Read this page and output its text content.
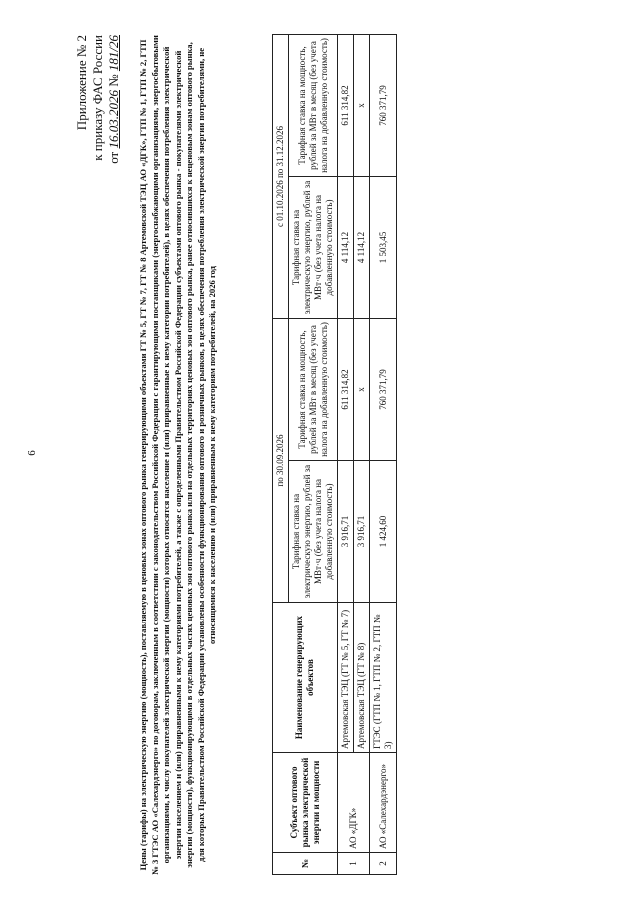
6
Приложение № 2 к приказу ФАС России от 16.03.2026 № 181/26 Цены (тарифы) на электрическую энергию (мощность), поставляемую в ценовых зонах оптового рынка генерирующими объектами ГТ № 5, ГТ № 7, ГТ № 8 Артемовской ТЭЦ АО «ДГК», ГТП № 1, ГТП № 2, ГТП № 3 ГТЭС АО «Салехардэнерго» по договорам, заключенным в соответствии с законодательством Российской Федерации с гарантирующими поставщиками (энергоснабжающими организациями, энергосбытовыми организациями, к числу покупателей электрической энергии (мощности) которых относятся население и (или) приравненные к нему категории потребителей), в целях обеспечения потребления электрической энергии населением и (или) приравненными к нему категориями потребителей, а также с определенными Правительством Российской Федерации субъектами оптового рынка - покупателями электрической энергии (мощности), функционирующими в отдельных частях ценовых зон оптового рынка или на отдельных территориях ценовых зон оптового рынка, ранее относившихся к неценовым зонам оптового рынка, для которых Правительством Российской Федерации установлены особенности функционирования оптового и розничных рынков, в целях обеспечения потребления электрической энергии потребителями, не относящимися к населению и (или) приравненным к нему категориям потребителей, на 2026 год
№	Субъект оптового рынка электрической энергии и мощности	Наименование генерирующих объектов	по 30.09.2026		с 01.10.2026 по 31.12.2026	
			Тарифная ставка на электрическую энергию, рублей за МВт·ч (без учета налога на добавленную стоимость)	Тарифная ставка на мощность, рублей за МВт в месяц (без учета налога на добавленную стоимость)	Тарифная ставка на электрическую энергию, рублей за МВт·ч (без учета налога на добавленную стоимость)	Тарифная ставка на мощность, рублей за МВт в месяц (без учета налога на добавленную стоимость)
1	АО «ДГК»	Артемовская ТЭЦ (ГТ № 5, ГТ № 7)	3 916,71	611 314,82	4 114,12	611 314,82
		Артемовская ТЭЦ (ГТ № 8)	3 916,71	х	4 114,12	х
2	АО «Салехардэнерго»	ГТЭС (ГТП № 1, ГТП № 2, ГТП № 3)	1 424,60	760 371,79	1 503,45	760 371,79
